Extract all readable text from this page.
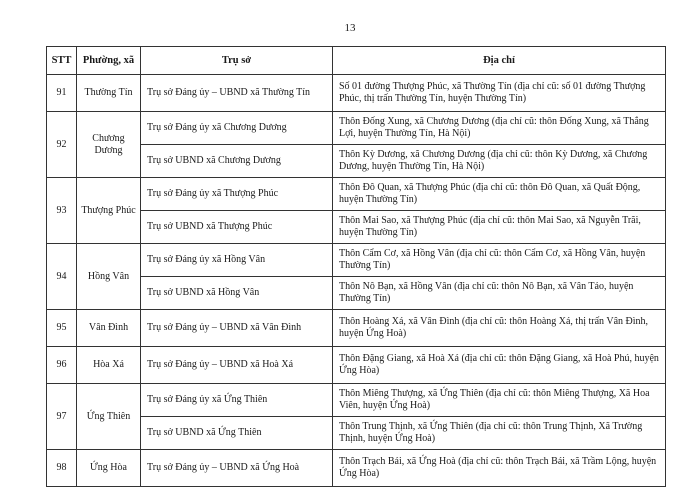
13
STT	Phường, xã	Trụ sở	Địa chỉ
91	Thường Tín	Trụ sở Đảng ủy – UBND xã Thường Tín	Số 01 đường Thượng Phúc, xã Thường Tín (địa chỉ cũ: số 01 đường Thượng Phúc, thị trấn Thường Tín, huyện Thường Tín)
92	Chương Dương	Trụ sở Đảng ủy xã Chương Dương	Thôn Đống Xung, xã Chương Dương (địa chỉ cũ: thôn Đống Xung, xã Thắng Lợi, huyện Thường Tín, Hà Nội)
		Trụ sở UBND xã Chương Dương	Thôn Kỳ Dương, xã Chương Dương (địa chỉ cũ: thôn Kỳ Dương, xã Chương Dương, huyện Thường Tín, Hà Nội)
93	Thượng Phúc	Trụ sở Đảng ủy xã Thượng Phúc	Thôn Đô Quan, xã Thượng Phúc (địa chỉ cũ: thôn Đô Quan, xã Quất Động, huyện Thường Tín)
		Trụ sở UBND xã Thượng Phúc	Thôn Mai Sao, xã Thượng Phúc (địa chỉ cũ: thôn Mai Sao, xã Nguyễn Trãi, huyện Thường Tín)
94	Hồng Vân	Trụ sở Đảng ủy xã Hồng Vân	Thôn Cẩm Cơ, xã Hồng Vân (địa chỉ cũ: thôn Cẩm Cơ, xã Hồng Vân, huyện Thường Tín)
		Trụ sở UBND xã Hồng Vân	Thôn Nô Bạn, xã Hồng Vân (địa chỉ cũ: thôn Nô Bạn, xã Vân Tảo, huyện Thường Tín)
95	Vân Đình	Trụ sở Đảng ủy – UBND xã Vân Đình	Thôn Hoàng Xá, xã Vân Đình (địa chỉ cũ: thôn Hoàng Xá, thị trấn Vân Đình, huyện Ứng Hoà)
96	Hòa Xá	Trụ sở Đảng ủy – UBND xã Hoà Xá	Thôn Đặng Giang, xã Hoà Xá (địa chỉ cũ: thôn Đặng Giang, xã Hoà Phú, huyện Ứng Hòa)
97	Ứng Thiên	Trụ sở Đảng ủy xã Ứng Thiên	Thôn Miêng Thượng, xã Ứng Thiên (địa chỉ cũ: thôn Miêng Thượng, Xã Hoa Viên, huyện Ứng Hoà)
		Trụ sở UBND xã Ứng Thiên	Thôn Trung Thịnh, xã Ứng Thiên (địa chỉ cũ: thôn Trung Thịnh, Xã Trường Thịnh, huyện Ứng Hoà)
98	Ứng Hòa	Trụ sở Đảng ủy – UBND xã Ứng Hoà	Thôn Trạch Bái, xã Ứng Hoà (địa chỉ cũ: thôn Trạch Bái, xã Trầm Lộng, huyện Ứng Hòa)
